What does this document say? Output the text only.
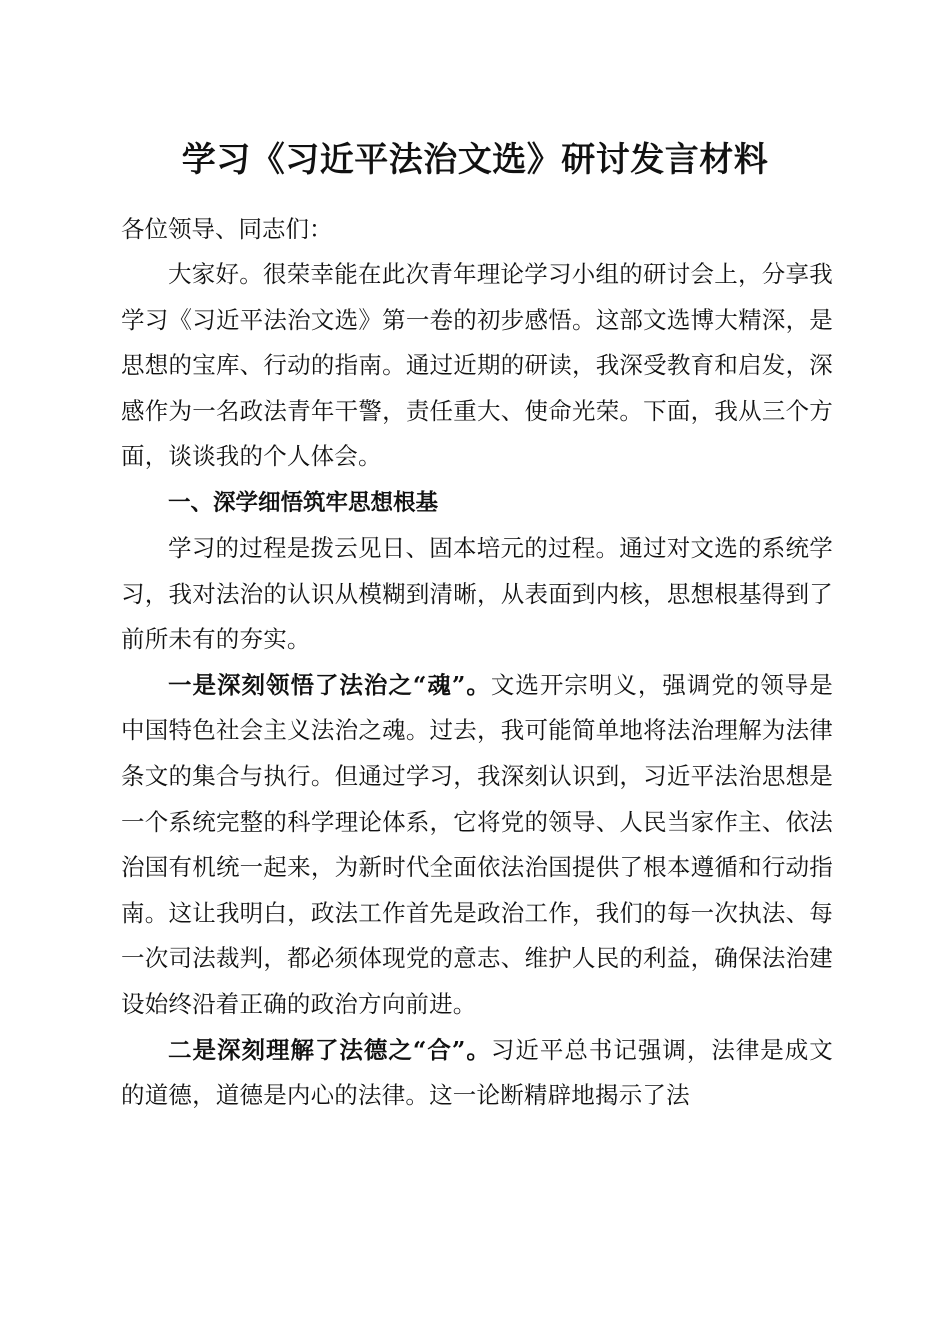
学习《习近平法治文选》研讨发言材料

各位领导、同志们：

大家好。很荣幸能在此次青年理论学习小组的研讨会上，分享我学习《习近平法治文选》第一卷的初步感悟。这部文选博大精深，是思想的宝库、行动的指南。通过近期的研读，我深受教育和启发，深感作为一名政法青年干警，责任重大、使命光荣。下面，我从三个方面，谈谈我的个人体会。

一、深学细悟筑牢思想根基

学习的过程是拨云见日、固本培元的过程。通过对文选的系统学习，我对法治的认识从模糊到清晰，从表面到内核，思想根基得到了前所未有的夯实。

一是深刻领悟了法治之“魂”。文选开宗明义，强调党的领导是中国特色社会主义法治之魂。过去，我可能简单地将法治理解为法律条文的集合与执行。但通过学习，我深刻认识到，习近平法治思想是一个系统完整的科学理论体系，它将党的领导、人民当家作主、依法治国有机统一起来，为新时代全面依法治国提供了根本遵循和行动指南。这让我明白，政法工作首先是政治工作，我们的每一次执法、每一次司法裁判，都必须体现党的意志、维护人民的利益，确保法治建设始终沿着正确的政治方向前进。

二是深刻理解了法德之“合”。习近平总书记强调，法律是成文的道德，道德是内心的法律。这一论断精辟地揭示了法
